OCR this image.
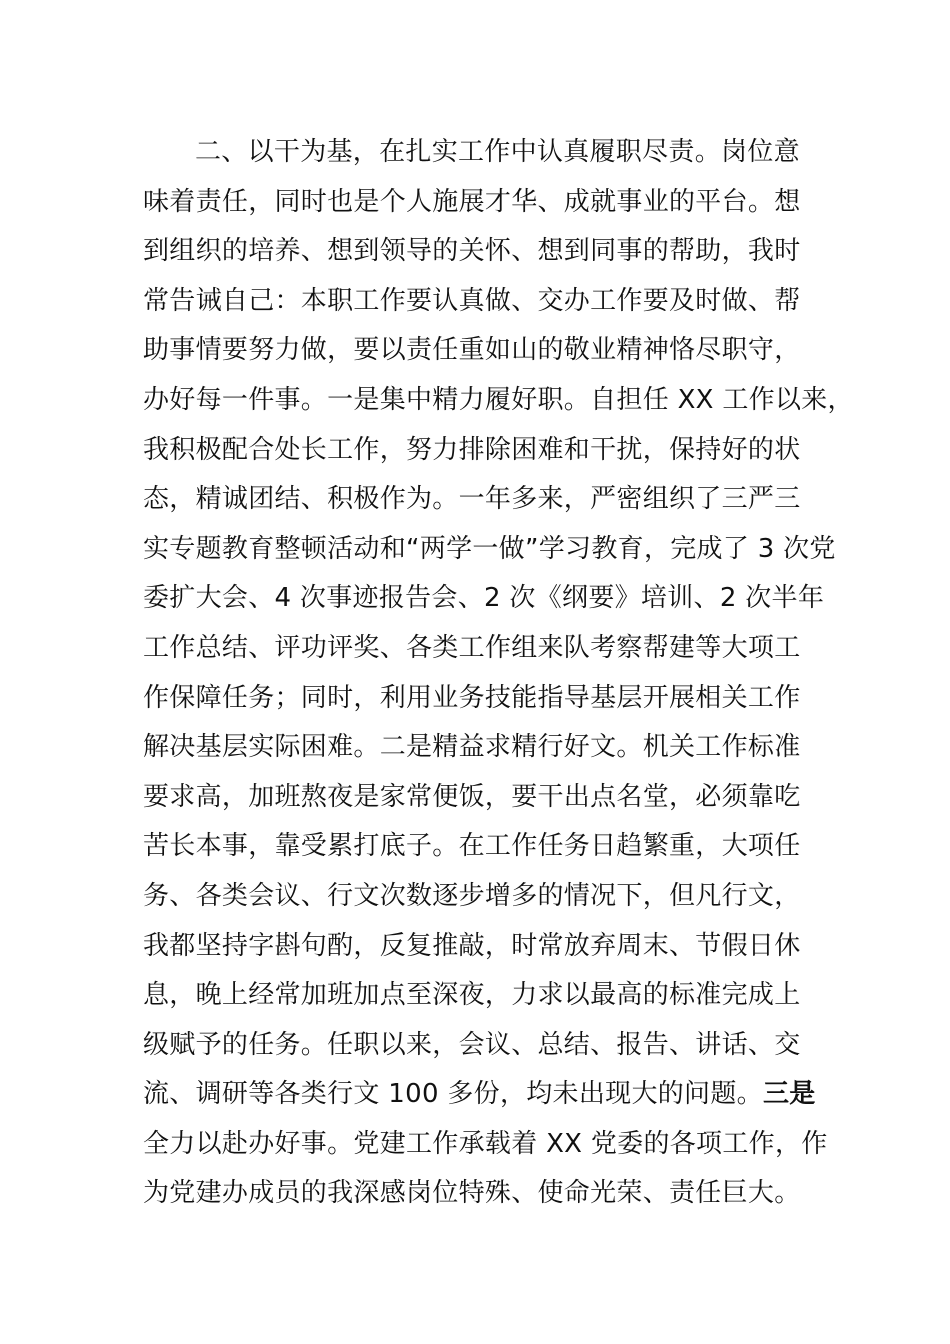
二、以干为基，在扎实工作中认真履职尽责。岗位意
味着责任，同时也是个人施展才华、成就事业的平台。想
到组织的培养、想到领导的关怀、想到同事的帮助，我时
常告诫自己：本职工作要认真做、交办工作要及时做、帮
助事情要努力做，要以责任重如山的敬业精神恪尽职守，
办好每一件事。一是集中精力履好职。自担任 XX 工作以来，
我积极配合处长工作，努力排除困难和干扰，保持好的状
态，精诚团结、积极作为。一年多来，严密组织了三严三
实专题教育整顿活动和“两学一做”学习教育，完成了 3 次党
委扩大会、4 次事迹报告会、2 次《纲要》培训、2 次半年
工作总结、评功评奖、各类工作组来队考察帮建等大项工
作保障任务；同时，利用业务技能指导基层开展相关工作
解决基层实际困难。二是精益求精行好文。机关工作标准
要求高，加班熬夜是家常便饭，要干出点名堂，必须靠吃
苦长本事，靠受累打底子。在工作任务日趋繁重，大项任
务、各类会议、行文次数逐步增多的情况下，但凡行文，
我都坚持字斟句酌，反复推敲，时常放弃周末、节假日休
息，晚上经常加班加点至深夜，力求以最高的标准完成上
级赋予的任务。任职以来，会议、总结、报告、讲话、交
流、调研等各类行文 100 多份，均未出现大的问题。三是
全力以赴办好事。党建工作承载着 XX 党委的各项工作，作
为党建办成员的我深感岗位特殊、使命光荣、责任巨大。
